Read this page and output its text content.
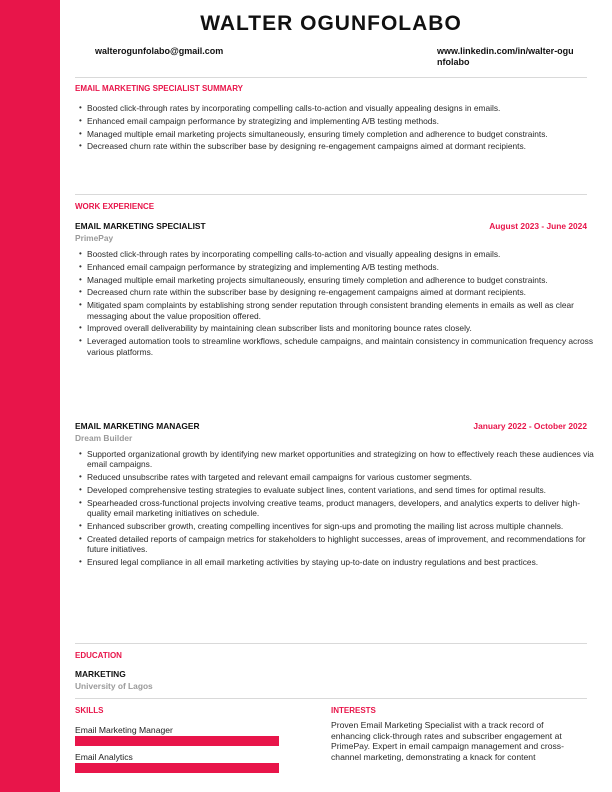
WALTER OGUNFOLABO
walterogunfolabo@gmail.com	www.linkedin.com/in/walter-ogunfolabo
EMAIL MARKETING SPECIALIST SUMMARY
• Boosted click-through rates by incorporating compelling calls-to-action and visually appealing designs in emails.
• Enhanced email campaign performance by strategizing and implementing A/B testing methods.
• Managed multiple email marketing projects simultaneously, ensuring timely completion and adherence to budget constraints.
• Decreased churn rate within the subscriber base by designing re-engagement campaigns aimed at dormant recipients.
WORK EXPERIENCE
EMAIL MARKETING SPECIALIST	August 2023 - June 2024
PrimePay
• Boosted click-through rates by incorporating compelling calls-to-action and visually appealing designs in emails.
• Enhanced email campaign performance by strategizing and implementing A/B testing methods.
• Managed multiple email marketing projects simultaneously, ensuring timely completion and adherence to budget constraints.
• Decreased churn rate within the subscriber base by designing re-engagement campaigns aimed at dormant recipients.
• Mitigated spam complaints by establishing strong sender reputation through consistent branding elements in emails as well as clear messaging about the value proposition offered.
• Improved overall deliverability by maintaining clean subscriber lists and monitoring bounce rates closely.
• Leveraged automation tools to streamline workflows, schedule campaigns, and maintain consistency in communication frequency across various platforms.
EMAIL MARKETING MANAGER	January 2022 - October 2022
Dream Builder
• Supported organizational growth by identifying new market opportunities and strategizing on how to effectively reach these audiences via email campaigns.
• Reduced unsubscribe rates with targeted and relevant email campaigns for various customer segments.
• Developed comprehensive testing strategies to evaluate subject lines, content variations, and send times for optimal results.
• Spearheaded cross-functional projects involving creative teams, product managers, developers, and analytics experts to deliver high-quality email marketing initiatives on schedule.
• Enhanced subscriber growth, creating compelling incentives for sign-ups and promoting the mailing list across multiple channels.
• Created detailed reports of campaign metrics for stakeholders to highlight successes, areas of improvement, and recommendations for future initiatives.
• Ensured legal compliance in all email marketing activities by staying up-to-date on industry regulations and best practices.
EDUCATION
MARKETING
University of Lagos
SKILLS
Email Marketing Manager
Email Analytics
INTERESTS
Proven Email Marketing Specialist with a track record of enhancing click-through rates and subscriber engagement at PrimePay. Expert in email campaign management and cross-channel marketing, demonstrating a knack for content
